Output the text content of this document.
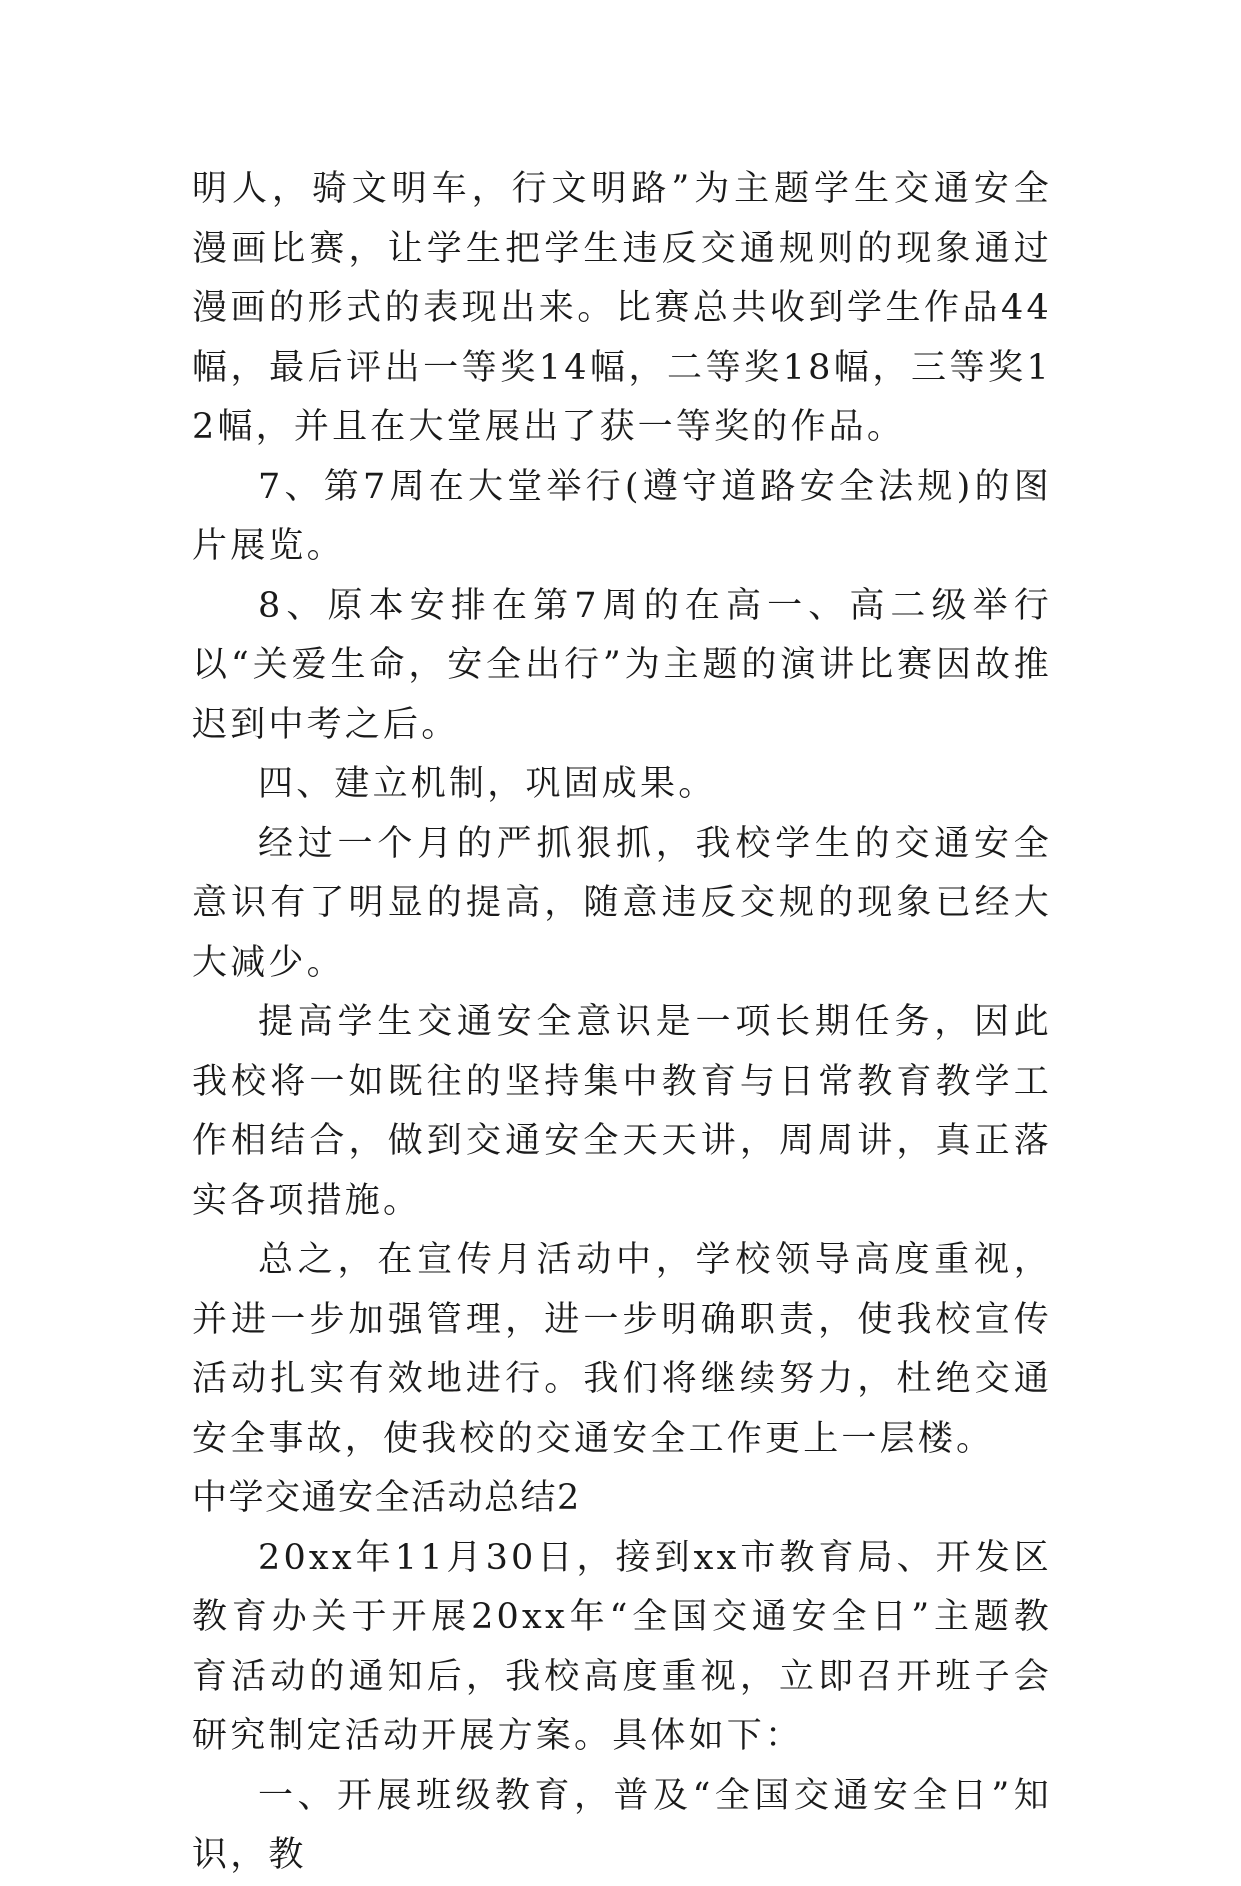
明人，骑文明车，行文明路”为主题学生交通安全漫画比赛，让学生把学生违反交通规则的现象通过漫画的形式的表现出来。比赛总共收到学生作品44幅，最后评出一等奖14幅，二等奖18幅，三等奖12幅，并且在大堂展出了获一等奖的作品。

7、第7周在大堂举行(遵守道路安全法规)的图片展览。

8、原本安排在第7周的在高一、高二级举行以“关爱生命，安全出行”为主题的演讲比赛因故推迟到中考之后。

四、建立机制，巩固成果。

经过一个月的严抓狠抓，我校学生的交通安全意识有了明显的提高，随意违反交规的现象已经大大减少。

提高学生交通安全意识是一项长期任务，因此我校将一如既往的坚持集中教育与日常教育教学工作相结合，做到交通安全天天讲，周周讲，真正落实各项措施。

总之，在宣传月活动中，学校领导高度重视，并进一步加强管理，进一步明确职责，使我校宣传活动扎实有效地进行。我们将继续努力，杜绝交通安全事故，使我校的交通安全工作更上一层楼。

中学交通安全活动总结2

20xx年11月30日，接到xx市教育局、开发区教育办关于开展20xx年“全国交通安全日”主题教育活动的通知后，我校高度重视，立即召开班子会研究制定活动开展方案。具体如下：

一、开展班级教育，普及“全国交通安全日”知识，教
